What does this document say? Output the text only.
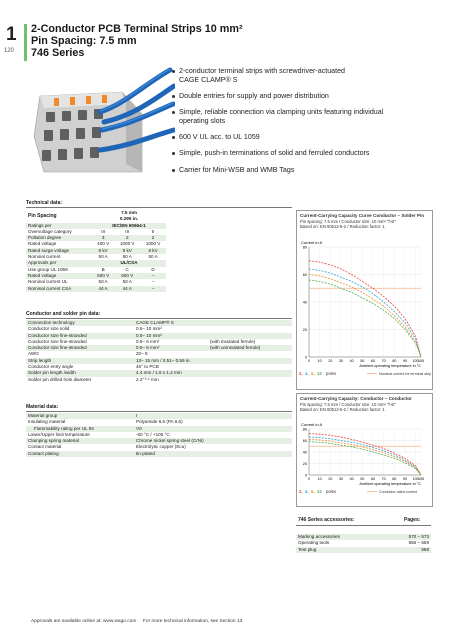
1
120
2-Conductor PCB Terminal Strips 10 mm²
Pin Spacing: 7.5 mm
746 Series
2-conductor terminal strips with screwdriver-actuated
CAGE CLAMP® S
Double entries for supply and power distribution
Simple, reliable connection via clamping units featuring individual
operating slots
600 V UL acc. to UL 1059
Simple, push-in terminations of solid and ferruled conductors
Carrier for Mini-WSB and WMB Tags
Technical data:
Pin Spacing	7.5 mm		
	0.295 in.		
Ratings per	IEC/EN 60664-1		
Overvoltage category	III	III	II
Pollution degree	3	2	2
Rated voltage	400 V	1000 V	1000 V
Rated surge voltage	8 kV	8 kV	8 kV
Nominal current	50 A	50 A	50 A
Approvals per	UL/CSA		
Use group UL 1059	B	C	D
Rated voltage	600 V	600 V	–
Nominal current UL	50 A	50 A	–
Nominal current CSA	44 A	44 A	–
Conductor and solder pin data:
Connection technology	CAGE CLAMP® S	
Conductor size solid	0.5– 10 mm²	
Conductor size fine-stranded	0.5– 10 mm²	
Conductor size fine-stranded	0.5– 6 mm²	(with insulated ferrule)
Conductor size fine-stranded	0.5– 6 mm²	(with uninsulated ferrule)
AWG	20– 8	
Strip length	13– 15 mm / 0.51– 0.59 in.	
Conductor entry angle	45° to PCB	
Solder pin length /width	4.4 mm / 1.6 x 1.2 mm	
Solder pin drilled hole diameter	2.2⁺⁰·¹ mm	
Material data:
Material group	I
Insulating material	Polyamide 6.6 (PA 6.6)
Flammability rating per UL 94	V0
Lower/Upper limit temperature	-60 °C / +105 °C
Clamping spring material	Chrome nickel spring steel (CrNi)
Contact material	Electrolytic copper (Ecu)
Contact plating	tin-plated
Current-Carrying Capacity Curve Conductor – Solder Pin
Pin spacing: 7.5 mm / Conductor size: 10 mm² "f-st"
Based on: EN 60512-5-2 / Reduction factor: 1
Current in A
0
20
40
60
80
0 10 20 30 40 50 60 70 80 90 100 105
Ambient operating temperature in °C
2, 4, 6, 12 poles	Nominal current for terminal strip
Current-Carrying Capacity: Conductor – Conductor
Pin spacing: 7.5 mm / Conductor size: 10 mm² "f-st"
Based on: EN 60512-5-2 / Reduction factor: 1
Current in A
0
20
40
60
80
0 10 20 30 40 50 60 70 80 90 100 105
Ambient operating temperature in °C
2, 4, 6, 12 poles	Conductor rated current
746 Series accessories:	Pages:
Marking accessories	570 – 573
Operating tools	556 – 559
Test plug	568
Approvals are available online at: www.wago.com For more technical information, see Section 13.
